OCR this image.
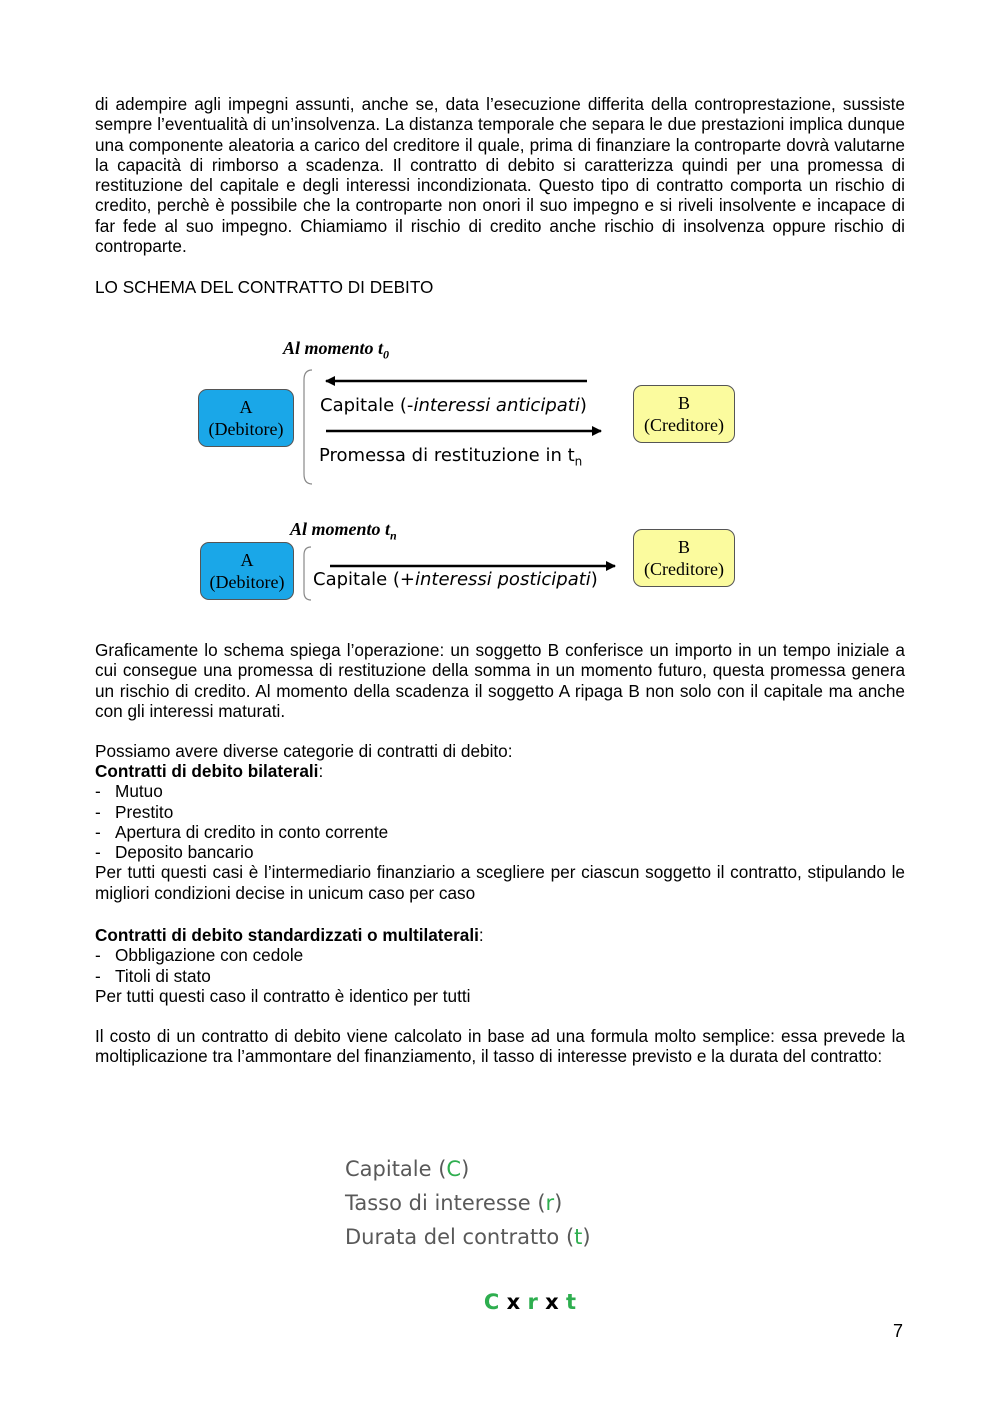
di adempire agli impegni assunti, anche se, data l’esecuzione differita della controprestazione, sussiste sempre l’eventualità di un’insolvenza. La distanza temporale che separa le due prestazioni implica dunque una componente aleatoria a carico del creditore il quale, prima di finanziare la controparte dovrà valutarne la capacità di rimborso a scadenza. Il contratto di debito si caratterizza quindi per una promessa di restituzione del capitale e degli interessi incondizionata. Questo tipo di contratto comporta un rischio di credito, perchè è possibile che la controparte non onori il suo impegno e si riveli insolvente e incapace di far fede al suo impegno. Chiamiamo il rischio di credito anche rischio di insolvenza oppure rischio di controparte.
LO SCHEMA DEL CONTRATTO DI DEBITO
Al momento $t_0$
A
(Debitore)
B
(Creditore)
Capitale (-interessi anticipati)
Promessa di restituzione in $t_n$
Al momento $t_n$
A
(Debitore)
B
(Creditore)
Capitale (+interessi posticipati)
Graficamente lo schema spiega l’operazione: un soggetto B conferisce un importo in un tempo iniziale a cui consegue una promessa di restituzione della somma in un momento futuro, questa promessa genera un rischio di credito. Al momento della scadenza il soggetto A ripaga B non solo con il capitale ma anche con gli interessi maturati.
Possiamo avere diverse categorie di contratti di debito:
Contratti di debito bilaterali:
- Mutuo
- Prestito
- Apertura di credito in conto corrente
- Deposito bancario
Per tutti questi casi è l’intermediario finanziario a scegliere per ciascun soggetto il contratto, stipulando le migliori condizioni decise in unicum caso per caso
Contratti di debito standardizzati o multilaterali:
- Obbligazione con cedole
- Titoli di stato
Per tutti questi caso il contratto è identico per tutti
Il costo di un contratto di debito viene calcolato in base ad una formula molto semplice: essa prevede la moltiplicazione tra l’ammontare del finanziamento, il tasso di interesse previsto e la durata del contratto:
Capitale (C)
Tasso di interesse (r)
Durata del contratto (t)
C x r x t
7
